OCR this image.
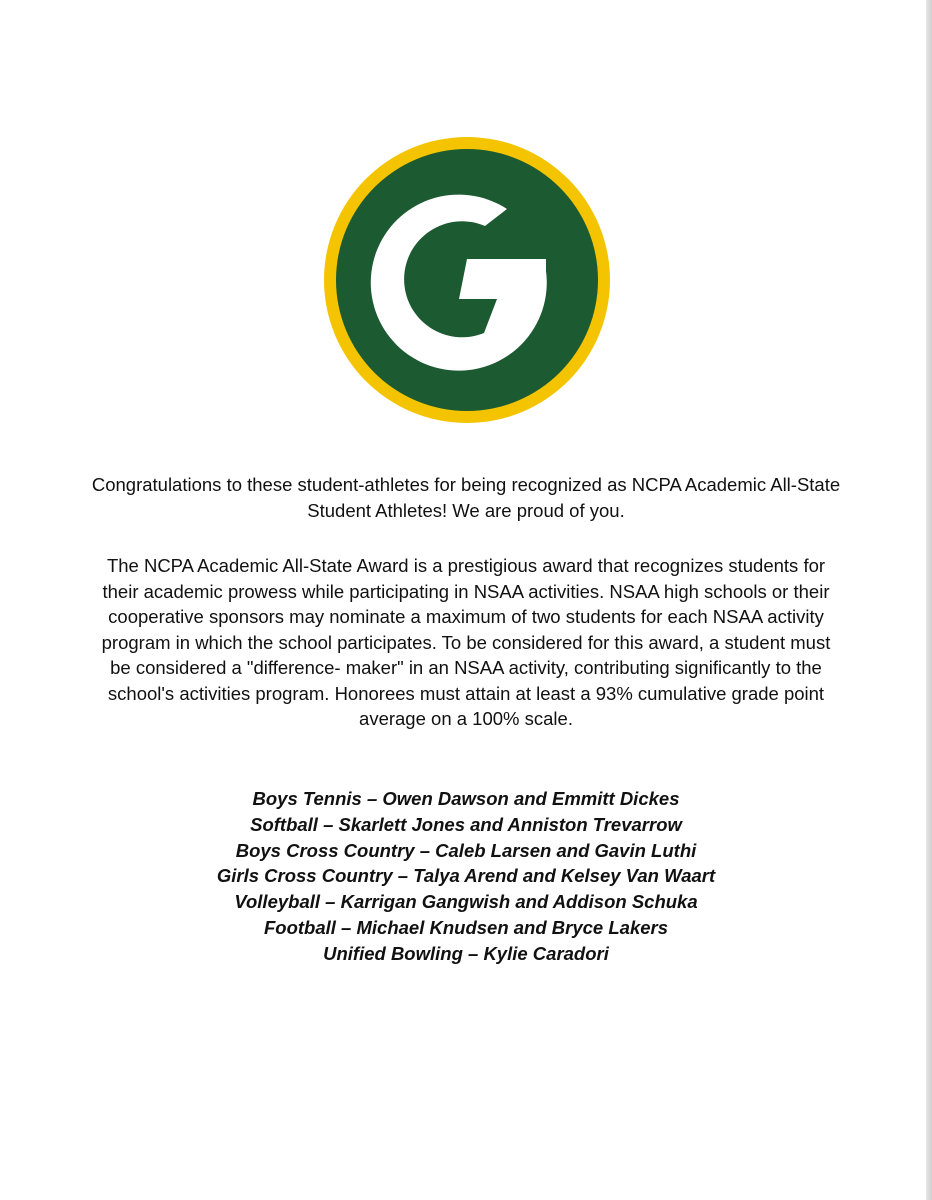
Congratulations to these student-athletes for being recognized as NCPA Academic All-State Student Athletes! We are proud of you.

The NCPA Academic All-State Award is a prestigious award that recognizes students for their academic prowess while participating in NSAA activities. NSAA high schools or their cooperative sponsors may nominate a maximum of two students for each NSAA activity program in which the school participates. To be considered for this award, a student must be considered a "difference- maker" in an NSAA activity, contributing significantly to the school's activities program. Honorees must attain at least a 93% cumulative grade point average on a 100% scale.

Boys Tennis – Owen Dawson and Emmitt Dickes
Softball – Skarlett Jones and Anniston Trevarrow
Boys Cross Country – Caleb Larsen and Gavin Luthi
Girls Cross Country – Talya Arend and Kelsey Van Waart
Volleyball – Karrigan Gangwish and Addison Schuka
Football – Michael Knudsen and Bryce Lakers
Unified Bowling – Kylie Caradori
